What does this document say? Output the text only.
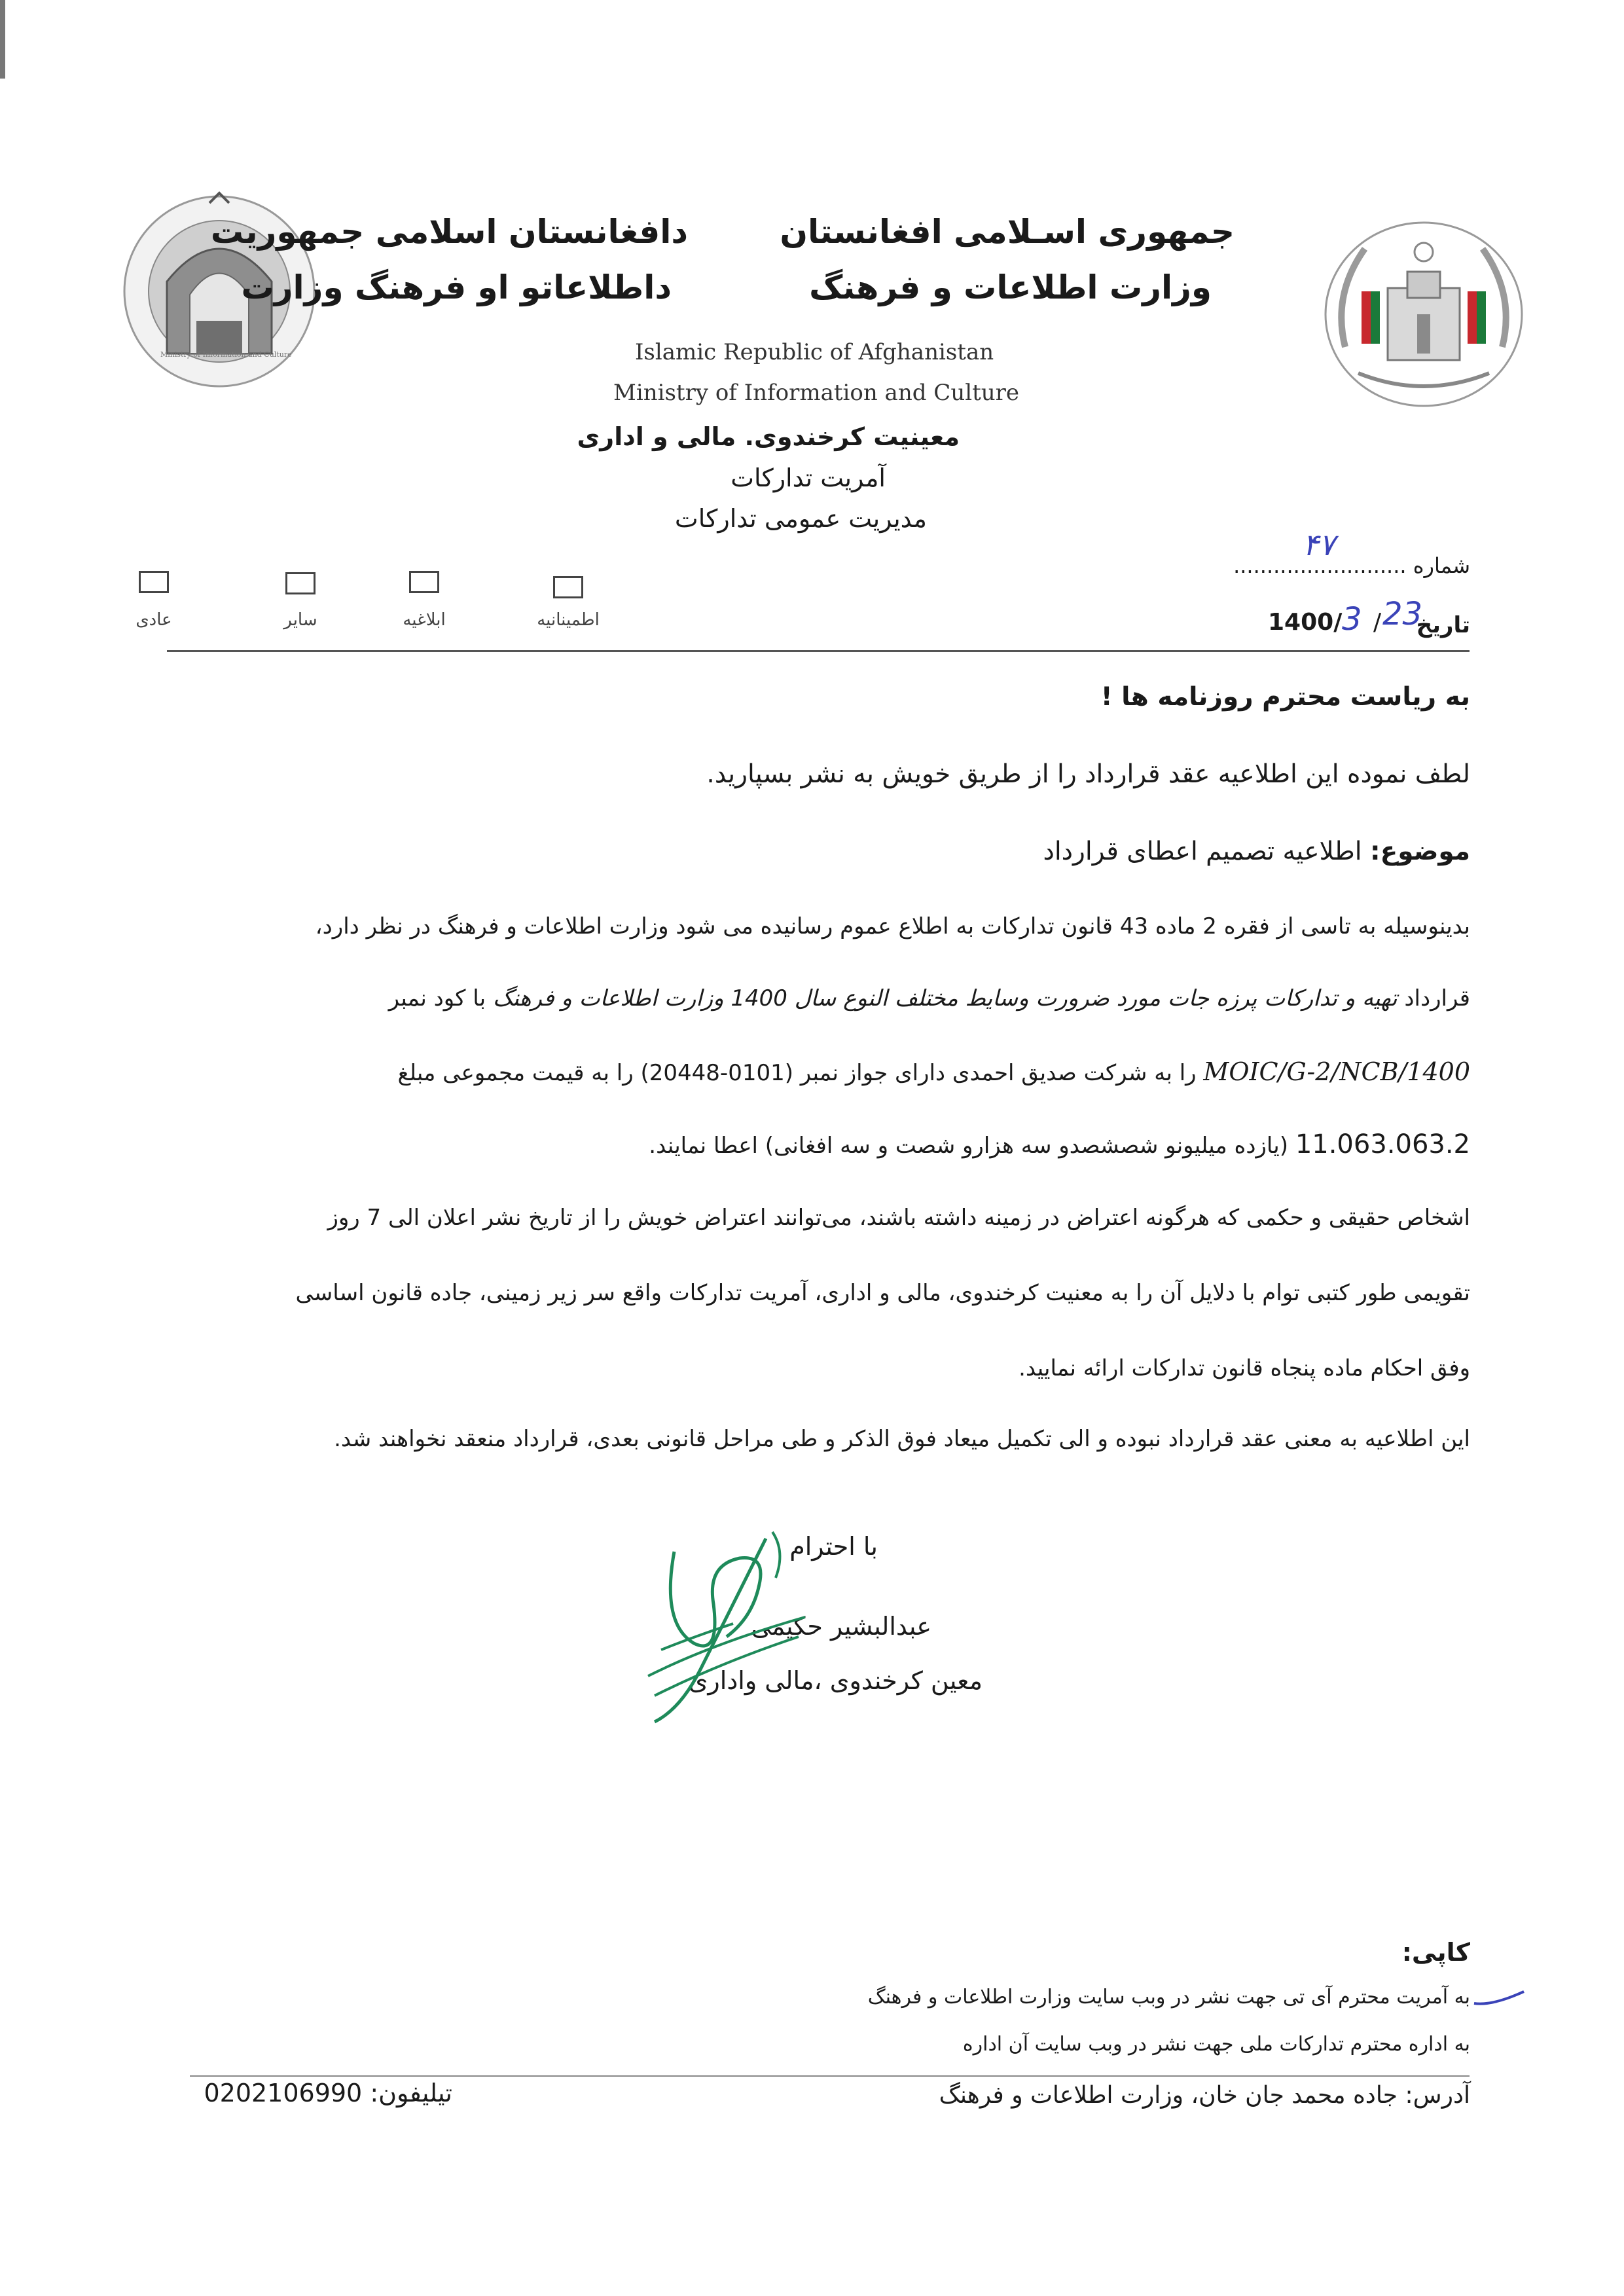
Ministry of Information and Culture
جمهوری اسـلامی افغانستان
وزارت اطلاعات و فرهنگ
دافغانستان اسلامی جمهوریت
داطلاعاتو او فرهنگ وزارت
Islamic Republic of Afghanistan
Ministry of Information and Culture
معینیت کرخندوی. مالی و اداری
آمریت تدارکات
مدیریت عمومی تدارکات
شماره ..........................
۴۷
تاریخ
1400/ 3 / 23
اطمینانیه
ابلاغیه
سایر
عادی
به ریاست محترم روزنامه ها !
لطف نموده این اطلاعیه عقد قرارداد را از طریق خویش به نشر بسپارید.
موضوع: اطلاعیه تصمیم اعطای قرارداد
بدینوسیله به تاسی از فقره 2 ماده 43 قانون تدارکات به اطلاع عموم رسانیده می شود وزارت اطلاعات و فرهنگ در نظر دارد،
قرارداد تهیه و تدارکات پرزه جات مورد ضرورت وسایط مختلف النوع سال 1400 وزارت اطلاعات و فرهنگ با کود نمبر
MOIC/G-2/NCB/1400 را به شرکت صدیق احمدی دارای جواز نمبر (0101-20448) را به قیمت مجموعی مبلغ
11.063.063.2 (یازده میلیونو شصشصدو سه هزارو شصت و سه افغانی) اعطا نمایند.
اشخاص حقیقی و حکمی که هرگونه اعتراض در زمینه داشته باشند، می‌توانند اعتراض خویش را از تاریخ نشر اعلان الی 7 روز
تقویمی طور کتبی توام با دلایل آن را به معنیت کرخندوی، مالی و اداری، آمریت تدارکات واقع سر زیر زمینی، جاده قانون اساسی
وفق احکام ماده پنجاه قانون تدارکات ارائه نمایید.
این اطلاعیه به معنی عقد قرارداد نبوده و الی تکمیل میعاد فوق الذکر و طی مراحل قانونی بعدی، قرارداد منعقد نخواهند شد.
با احترام
عبدالبشیر حکیمی
معین کرخندوی ،مالی واداری
کاپی:
به آمریت محترم آی تی جهت نشر در وبب سایت وزارت اطلاعات و فرهنگ
به اداره محترم تدارکات ملی جهت نشر در وبب سایت آن اداره
آدرس: جاده محمد جان خان، وزارت اطلاعات و فرهنگ
تیلیفون: 0202106990
